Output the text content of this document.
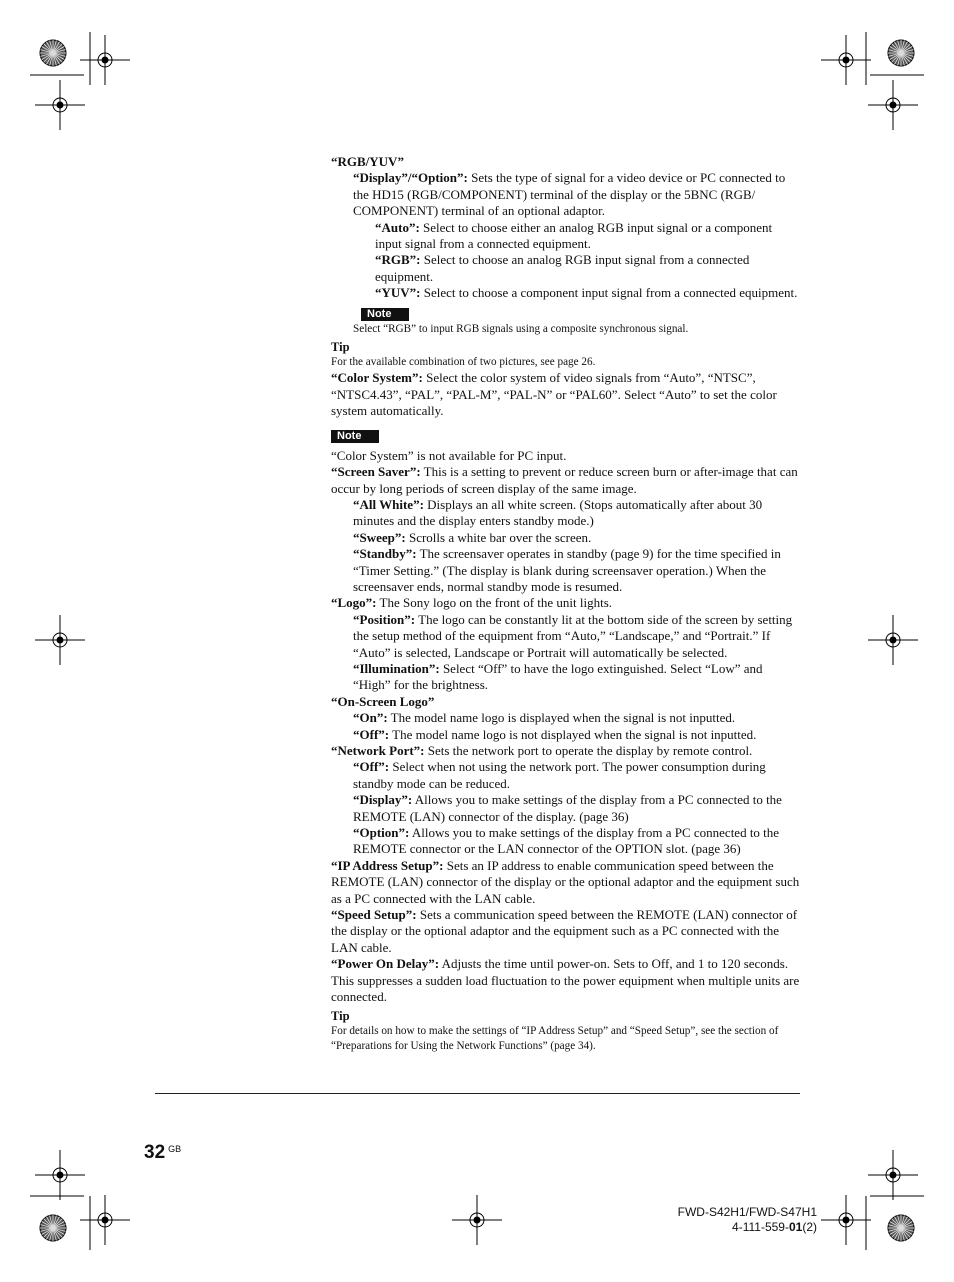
“RGB/YUV”

“Display”/“Option”: Sets the type of signal for a video device or PC connected to the HD15 (RGB/COMPONENT) terminal of the display or the 5BNC (RGB/ COMPONENT) terminal of an optional adaptor.

“Auto”: Select to choose either an analog RGB input signal or a component input signal from a connected equipment.

“RGB”: Select to choose an analog RGB input signal from a connected equipment.

“YUV”: Select to choose a component input signal from a connected equipment.

Note

Select “RGB” to input RGB signals using a composite synchronous signal.

Tip

For the available combination of two pictures, see page 26.

“Color System”: Select the color system of video signals from “Auto”, “NTSC”, “NTSC4.43”, “PAL”, “PAL-M”, “PAL-N” or “PAL60”. Select “Auto” to set the color system automatically.

Note

“Color System” is not available for PC input.

“Screen Saver”: This is a setting to prevent or reduce screen burn or after-image that can occur by long periods of screen display of the same image.

“All White”: Displays an all white screen. (Stops automatically after about 30 minutes and the display enters standby mode.)

“Sweep”: Scrolls a white bar over the screen.

“Standby”: The screensaver operates in standby (page 9) for the time specified in “Timer Setting.” (The display is blank during screensaver operation.) When the screensaver ends, normal standby mode is resumed.

“Logo”: The Sony logo on the front of the unit lights.

“Position”: The logo can be constantly lit at the bottom side of the screen by setting the setup method of the equipment from “Auto,” “Landscape,” and “Portrait.” If “Auto” is selected, Landscape or Portrait will automatically be selected.

“Illumination”: Select “Off” to have the logo extinguished. Select “Low” and “High” for the brightness.

“On-Screen Logo”

“On”: The model name logo is displayed when the signal is not inputted.

“Off”: The model name logo is not displayed when the signal is not inputted.

“Network Port”: Sets the network port to operate the display by remote control.

“Off”: Select when not using the network port. The power consumption during standby mode can be reduced.

“Display”: Allows you to make settings of the display from a PC connected to the REMOTE (LAN) connector of the display. (page 36)

“Option”: Allows you to make settings of the display from a PC connected to the REMOTE connector or the LAN connector of the OPTION slot. (page 36)

“IP Address Setup”: Sets an IP address to enable communication speed between the REMOTE (LAN) connector of the display or the optional adaptor and the equipment such as a PC connected with the LAN cable.

“Speed Setup”: Sets a communication speed between the REMOTE (LAN) connector of the display or the optional adaptor and the equipment such as a PC connected with the LAN cable.

“Power On Delay”: Adjusts the time until power-on. Sets to Off, and 1 to 120 seconds. This suppresses a sudden load fluctuation to the power equipment when multiple units are connected.

Tip

For details on how to make the settings of “IP Address Setup” and “Speed Setup”, see the section of “Preparations for Using the Network Functions” (page 34).

32 $^{GB}$
FWD-S42H1/FWD-S47H1
4-111-559-01(2)
